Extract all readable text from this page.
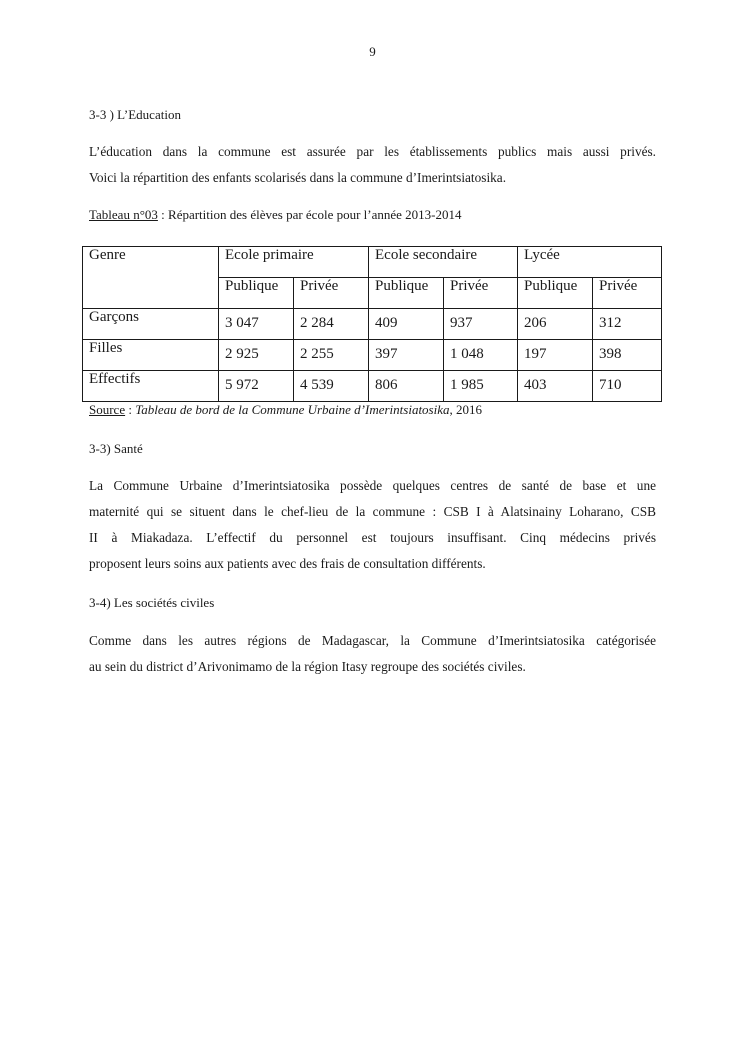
9
3-3 ) L’Education
L’éducation dans la commune est assurée par les établissements publics mais aussi privés.
Voici la répartition des enfants scolarisés dans la commune d’Imerintsiatosika.
Tableau n°03 : Répartition des élèves par école pour l’année 2013-2014
Genre	Ecole primaire		Ecole secondaire		Lycée	
	Publique	Privée	Publique	Privée	Publique	Privée
Garçons	3 047	2 284	409	937	206	312
Filles	2 925	2 255	397	1 048	197	398
Effectifs	5 972	4 539	806	1 985	403	710
Source : Tableau de bord de la Commune Urbaine d’Imerintsiatosika, 2016
3-3) Santé
La Commune Urbaine d’Imerintsiatosika possède quelques centres de santé de base et une
maternité qui se situent dans le chef-lieu de la commune : CSB I à Alatsinainy Loharano, CSB
II à Miakadaza. L’effectif du personnel est toujours insuffisant. Cinq médecins privés
proposent leurs soins aux patients avec des frais de consultation différents.
3-4) Les sociétés civiles
Comme dans les autres régions de Madagascar, la Commune d’Imerintsiatosika catégorisée
au sein du district d’Arivonimamo de la région Itasy regroupe des sociétés civiles.
